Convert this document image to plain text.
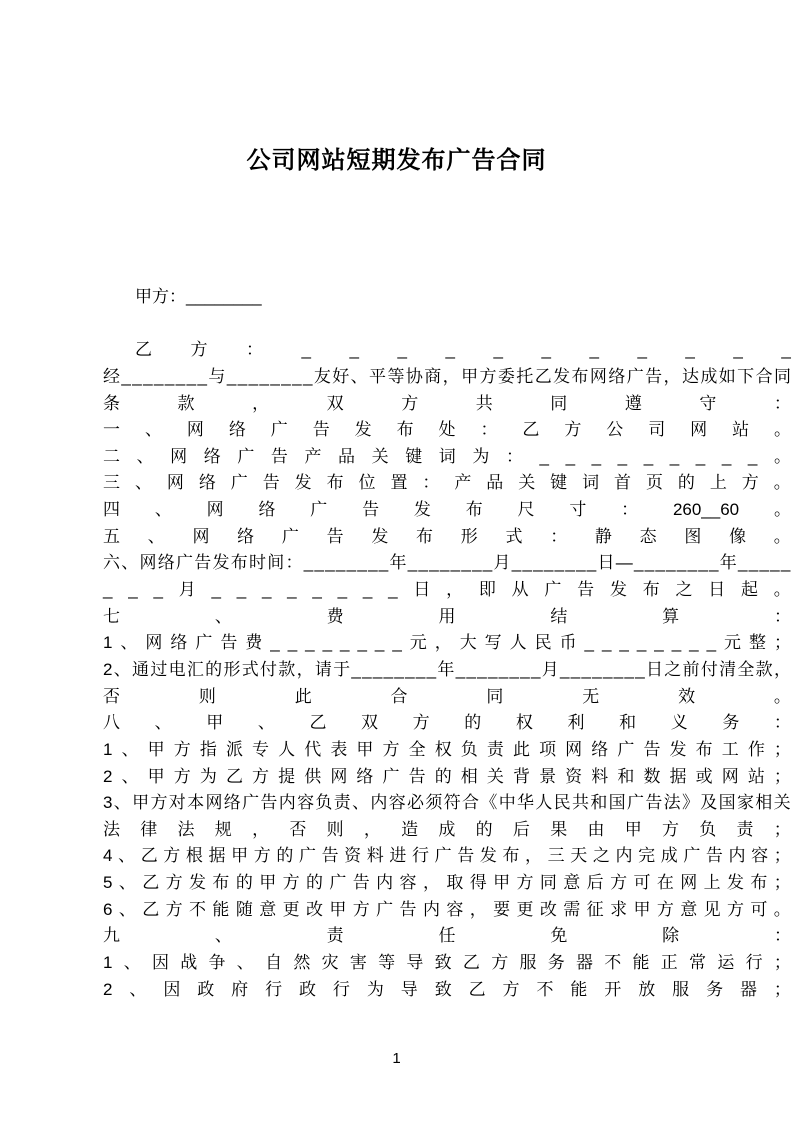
公司网站短期发布广告合同
甲方：________
乙 方 ： _ _ _ _ _ _ _ _ _ _ _
经 _ _ _ _ _ _ _ _ 与 _ _ _ _ _ _ _ _ 友 好 、 平 等 协 商 ， 甲 方 委 托 乙 发 布 网 络 广 告 ， 达 成 如 下 合 同
条	款	，	双	方	共	同	遵	守	：
一 、 网 络 广 告 发 布 处 ： 乙 方 公 司 网 站 。
二 、 网 络 广 告 产 品 关 键 词 为 ： _ _ _ _ _ _ _ _ _ 。
三 、 网 络 广 告 发 布 位 置 ： 产 品 关 键 词 首 页 的 上 方 。
四 、 网 络 广 告 发 布 尺 寸 ： 260__60 。
五 、 网 络 广 告 发 布 形 式 ： 静 态 图 像 。
六 、 网 络 广 告 发 布 时 间 ： _ _ _ _ _ _ _ _ 年 _ _ _ _ _ _ _ _ 月 _ _ _ _ _ _ _ _ 日 — _ _ _ _ _ _ _ _ 年 _ _ _ _ _
_ _ _ 月 _ _ _ _ _ _ _ _ 日 ， 即 从 广 告 发 布 之 日 起 。
七	、	费	用	结	算	：
1 、 网 络 广 告 费 _ _ _ _ _ _ _ _ 元 ， 大 写 人 民 币 _ _ _ _ _ _ _ _ 元 整 ；
2 、 通 过 电 汇 的 形 式 付 款 ， 请 于 _ _ _ _ _ _ _ _ 年 _ _ _ _ _ _ _ _ 月 _ _ _ _ _ _ _ _ 日 之 前 付 清 全 款 ，
否	则	此	合	同	无	效	。
八 、 甲 、 乙 双 方 的 权 利 和 义 务 ：
1 、 甲 方 指 派 专 人 代 表 甲 方 全 权 负 责 此 项 网 络 广 告 发 布 工 作 ；
2 、 甲 方 为 乙 方 提 供 网 络 广 告 的 相 关 背 景 资 料 和 数 据 或 网 站 ；
3 、 甲 方 对 本 网 络 广 告 内 容 负 责 、 内 容 必 须 符 合 《 中 华 人 民 共 和 国 广 告 法 》 及 国 家 相 关
法 律 法 规 ， 否 则 ， 造 成 的 后 果 由 甲 方 负 责 ；
4 、 乙 方 根 据 甲 方 的 广 告 资 料 进 行 广 告 发 布 ， 三 天 之 内 完 成 广 告 内 容 ；
5 、 乙 方 发 布 的 甲 方 的 广 告 内 容 ， 取 得 甲 方 同 意 后 方 可 在 网 上 发 布 ；
6 、 乙 方 不 能 随 意 更 改 甲 方 广 告 内 容 ， 要 更 改 需 征 求 甲 方 意 见 方 可 。
九	、	责	任	免	除	：
1 、 因 战 争 、 自 然 灾 害 等 导 致 乙 方 服 务 器 不 能 正 常 运 行 ；
2 、 因 政 府 行 政 行 为 导 致 乙 方 不 能 开 放 服 务 器 ；
1
